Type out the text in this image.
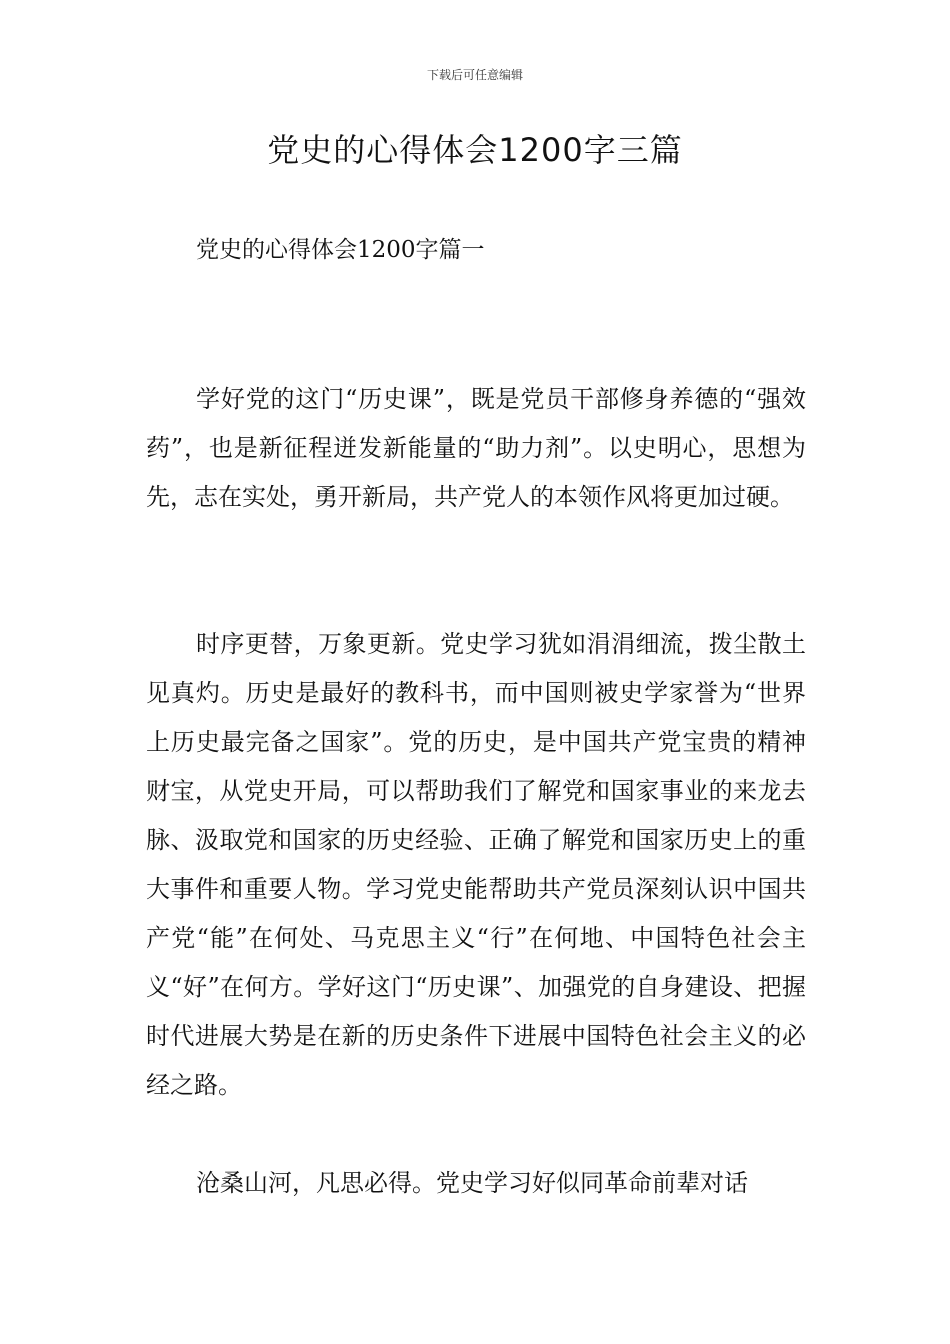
下载后可任意编辑
党史的心得体会1200字三篇
党史的心得体会1200字篇一

学好党的这门“历史课”，既是党员干部修身养德的“强效药”，也是新征程迸发新能量的“助力剂”。以史明心，思想为先，志在实处，勇开新局，共产党人的本领作风将更加过硬。

时序更替，万象更新。党史学习犹如涓涓细流，拨尘散土见真灼。历史是最好的教科书，而中国则被史学家誉为“世界上历史最完备之国家”。党的历史，是中国共产党宝贵的精神财宝，从党史开局，可以帮助我们了解党和国家事业的来龙去脉、汲取党和国家的历史经验、正确了解党和国家历史上的重大事件和重要人物。学习党史能帮助共产党员深刻认识中国共产党“能”在何处、马克思主义“行”在何地、中国特色社会主义“好”在何方。学好这门“历史课”、加强党的自身建设、把握时代进展大势是在新的历史条件下进展中国特色社会主义的必经之路。

沧桑山河，凡思必得。党史学习好似同革命前辈对话
